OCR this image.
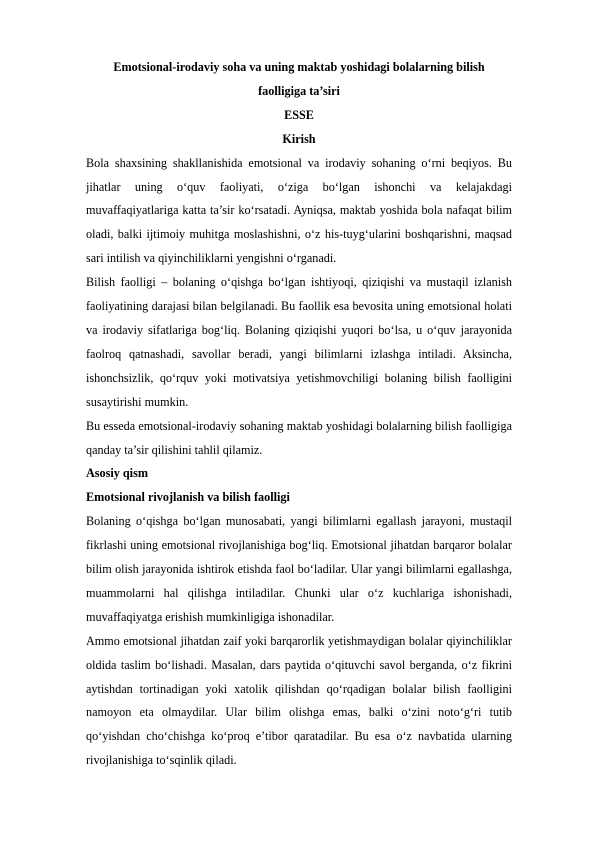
Emotsional-irodaviy soha va uning maktab yoshidagi bolalarning bilish faolligiga ta’siri

ESSE

Kirish

Bola shaxsining shakllanishida emotsional va irodaviy sohaning o‘rni beqiyos. Bu jihatlar uning o‘quv faoliyati, o‘ziga bo‘lgan ishonchi va kelajakdagi muvaffaqiyatlariga katta ta’sir ko‘rsatadi. Ayniqsa, maktab yoshida bola nafaqat bilim oladi, balki ijtimoiy muhitga moslashishni, o‘z his-tuyg‘ularini boshqarishni, maqsad sari intilish va qiyinchiliklarni yengishni o‘rganadi.

Bilish faolligi – bolaning o‘qishga bo‘lgan ishtiyoqi, qiziqishi va mustaqil izlanish faoliyatining darajasi bilan belgilanadi. Bu faollik esa bevosita uning emotsional holati va irodaviy sifatlariga bog‘liq. Bolaning qiziqishi yuqori bo‘lsa, u o‘quv jarayonida faolroq qatnashadi, savollar beradi, yangi bilimlarni izlashga intiladi. Aksincha, ishonchsizlik, qo‘rquv yoki motivatsiya yetishmovchiligi bolaning bilish faolligini susaytirishi mumkin.

Bu esseda emotsional-irodaviy sohaning maktab yoshidagi bolalarning bilish faolligiga qanday ta’sir qilishini tahlil qilamiz.

Asosiy qism

Emotsional rivojlanish va bilish faolligi

Bolaning o‘qishga bo‘lgan munosabati, yangi bilimlarni egallash jarayoni, mustaqil fikrlashi uning emotsional rivojlanishiga bog‘liq. Emotsional jihatdan barqaror bolalar bilim olish jarayonida ishtirok etishda faol bo‘ladilar. Ular yangi bilimlarni egallashga, muammolarni hal qilishga intiladilar. Chunki ular o‘z kuchlariga ishonishadi, muvaffaqiyatga erishish mumkinligiga ishonadilar.

Ammo emotsional jihatdan zaif yoki barqarorlik yetishmaydigan bolalar qiyinchiliklar oldida taslim bo‘lishadi. Masalan, dars paytida o‘qituvchi savol berganda, o‘z fikrini aytishdan tortinadigan yoki xatolik qilishdan qo‘rqadigan bolalar bilish faolligini namoyon eta olmaydilar. Ular bilim olishga emas, balki o‘zini noto‘g‘ri tutib qo‘yishdan cho‘chishga ko‘proq e’tibor qaratadilar. Bu esa o‘z navbatida ularning rivojlanishiga to‘sqinlik qiladi.
